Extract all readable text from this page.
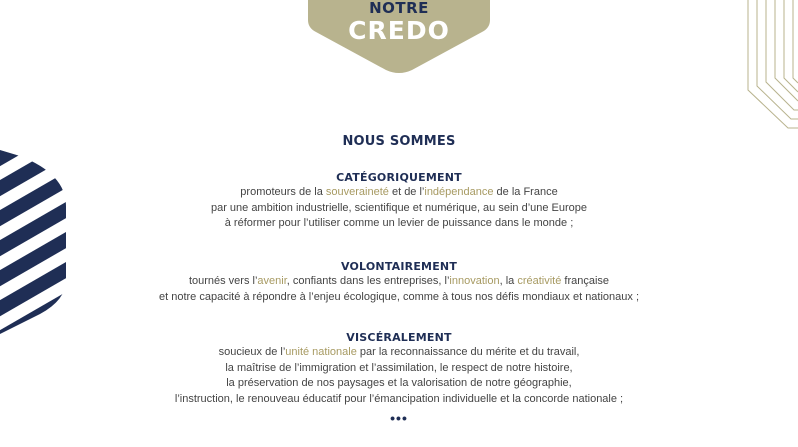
NOTRE
CREDO
NOUS SOMMES
CATÉGORIQUEMENT
promoteurs de la souveraineté et de l’indépendance de la France
par une ambition industrielle, scientifique et numérique, au sein d’une Europe
à réformer pour l’utiliser comme un levier de puissance dans le monde ;
VOLONTAIREMENT
tournés vers l’avenir, confiants dans les entreprises, l’innovation, la créativité française
et notre capacité à répondre à l’enjeu écologique, comme à tous nos défis mondiaux et nationaux ;
VISCÉRALEMENT
soucieux de l’unité nationale par la reconnaissance du mérite et du travail,
la maîtrise de l’immigration et l’assimilation, le respect de notre histoire,
la préservation de nos paysages et la valorisation de notre géographie,
l’instruction, le renouveau éducatif pour l’émancipation individuelle et la concorde nationale ;
•••
